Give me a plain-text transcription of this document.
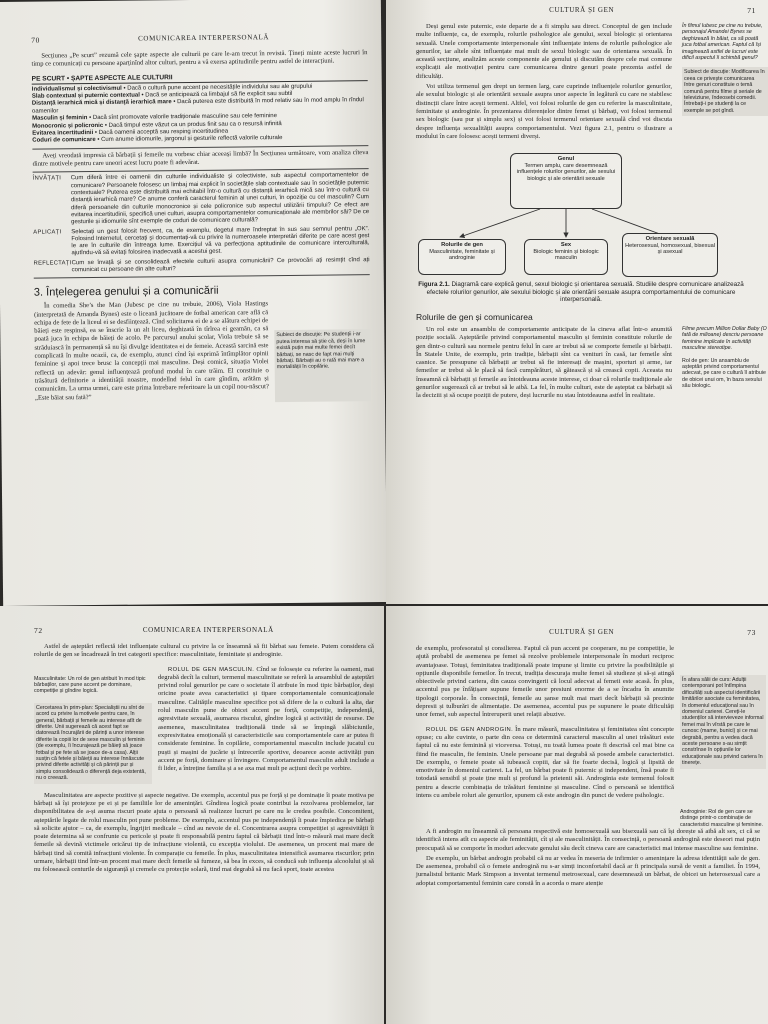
70	COMUNICAREA INTERPERSONALĂ

Secțiunea „Pe scurt” rezumă cele șapte aspecte ale culturii pe care le-am trecut în revistă. Țineți minte aceste lucruri în timp ce comunicați cu persoane aparținînd altor culturi, pentru a vă exersa aptitudinile pentru astfel de interacțiuni.

PE SCURT • ȘAPTE ASPECTE ALE CULTURII
Individualismul și colectivismul • Dacă o cultură pune accent pe necesitățile individului sau ale grupului
Slab contextual și puternic contextual • Dacă se anticipează ca limbajul să fie explicit sau subtil
Distanță ierarhică mică și distanță ierarhică mare • Dacă puterea este distribuită în mod relativ sau în mod amplu în rîndul oamenilor
Masculin și feminin • Dacă sînt promovate valorile tradiționale masculine sau cele feminine
Monocronic și policronic • Dacă timpul este văzut ca un produs finit sau ca o resursă infinită
Evitarea incertitudinii • Dacă oamenii acceptă sau resping incertitudinea
Coduri de comunicare • Cum anume idiomurile, jargonul și gesturile reflectă valorile culturale

Aveți vreodată impresia că bărbații și femeile nu vorbesc chiar aceeași limbă? În Secțiunea următoare, vom analiza cîteva dintre motivele pentru care uneori acest lucru poate fi adevărat.

ÎNVĂȚAȚI	Cum diferă între ei oamenii din culturile individualiste și colectiviste, sub aspectul comportamentelor de comunicare? Persoanele folosesc un limbaj mai explicit în societățile slab contextuale sau în societățile puternic contextuale? Puterea este distribuită mai echitabil într-o cultură cu distanță ierarhică mică sau într-o cultură cu distanță ierarhică mare? Ce anume conferă caracterul feminin al unei culturi, în opoziție cu cel masculin? Cum diferă persoanele din culturile monocronice și cele policronice sub aspectul utilizării timpului? Ce efect are evitarea incertitudinii, specifică unei culturi, asupra comportamentelor comunicaționale ale membrilor săi? De ce gesturile și idiomurile sînt exemple de coduri de comunicare culturală?
APLICAȚI	Selectați un gest folosit frecvent, ca, de exemplu, degetul mare îndreptat în sus sau semnul pentru „OK”. Folosind Internetul, cercetați și documentați-vă cu privire la numeroasele interpretări diferite pe care acest gest le are în culturile din întreaga lume. Exercițiul vă va perfecționa aptitudinile de comunicare interculturală, ajutîndu-vă să evitați folosirea inadecvată a acestui gest.
REFLECTAȚI Cum se învață și se consolidează efectele culturii asupra comunicării? Ce provocări ați resimțit cînd ați comunicat cu persoane din alte culturi?
3. Înțelegerea genului și a comunicării

În comedia She’s the Man (Jubesc pe cine nu trebuie, 2006), Viola Hastings (interpretată de Amanda Bynes) este o liceană jucătoare de fotbal american care află că echipa de fete de la liceul ei se desființează. Cînd solicitarea ei de a se alătura echipei de băieți este respinsă, ea se înscrie la un alt liceu, deghizată în tîrlrea ei geamăn, ca să poată juca în echipa de băieți de acolo. Pe parcursul anului școlar, Viola trebuie să se străduiască în permanență să nu își divulge identitatea ei de femeie. Această sarcină este complicată în multe ocazii, ca, de exemplu, atunci cînd își exprimă întîmplător opinii feminine și apoi trece brusc la concepții mai masculine. Deși comică, situația Violei reflectă un adevăr: genul influențează profund modul în care trăim. El constituie o trăsătură definitorie a identității noastre, modelînd felul în care gîndim, arătăm și comunicăm. La urma urmei, care este prima întrebare referitoare la un copil nou-născut? „Este băiat sau fată?”

Subiect de discuție: Pe studenții i-ar putea interesa să știe că, deși în lume există puțin mai multe femei decît bărbați, se nasc de fapt mai mulți bărbați. Bărbații au o rată mai mare a mortalității în copilărie.
CULTURĂ ȘI GEN	71

Deși genul este puternic, este departe de a fi simplu sau direct. Conceptul de gen include multe influențe, ca, de exemplu, rolurile psihologice ale genului, sexul biologic și orientarea sexuală. Unele comportamente interpersonale sînt influențate intens de rolurile psihologice ale genurilor, iar altele sînt influențate mai mult de sexul biologic sau de orientarea sexuală. În această secțiune, analizăm aceste componente ale genului și discutăm despre cele mai comune explicații ale motivației pentru care comunicarea dintre genuri poate prezenta astfel de dificultăți.

Voi utiliza termenul gen drept un termen larg, care cuprinde influențele rolurilor genurilor, ale sexului biologic și ale orientării sexuale asupra unor aspecte în legătură cu care ne stabilesc distincții clare între acești termeni. Altfel, voi folosi rolurile de gen cu referire la masculinitate, feminitate și androginie. În prezentarea diferențelor dintre femei și bărbați, voi folosi termenul sex biologic (sau pur și simplu sex) și voi folosi termenul orientare sexuală cînd voi discuta despre influența sexualității asupra comportamentului. Vezi figura 2.1, pentru o ilustrare a modului în care folosesc acești termeni diverși.

În filmul Iubesc pe cine nu trebuie, personajul Amandei Bynes se deghizează în băiat, ca să poată juca fotbal american. Faptul că își imaginează astfel de lucruri este dificil aspectul îi schimbă genul?
Subiect de discuție: Modificarea în ceea ce privește comunicarea între genuri constituie o temă comună pentru filme și seriale de televiziune, îndeosebi comedii. Întrebați-i pe studenți la ce exemple se pot gîndi.
Genul
Termen amplu, care desemnează influențele rolurilor genurilor, ale sexului biologic și ale orientării sexuale
Rolurile de gen
Masculinitate, feminitate și androginie
Sex
Biologic feminin și biologic masculin
Orientare sexuală
Heterosexual, homosexual, bisexual și asexual
Figura 2.1. Diagramă care explică genul, sexul biologic și orientarea sexuală. Studiile despre comunicare analizează efectele rolurilor genurilor, ale sexului biologic și ale orientării sexuale asupra comportamentului de comunicare interpersonală.
Rolurile de gen și comunicarea

Un rol este un ansamblu de comportamente anticipate de la cineva aflat într-o anumită poziție socială. Așteptările privind comportamentul masculin și feminin constituie rolurile de gen dintr-o cultură sau normele pentru felul în care ar trebui să se comporte femeile și bărbații. În Statele Unite, de exemplu, prin tradiție, bărbații sînt ca venituri în casă, iar femeile sînt casnice. Se presupune că bărbații ar trebui să fie interesați de mașini, sporturi și arme, iar femeilor ar trebui să le placă să facă cumpărături, să gătească și să crească copii. Aceasta nu înseamnă că bărbații și femeile au întotdeauna aceste interese, ci doar că rolurile tradiționale ale genurilor sugerează că ar trebui să le aibă. La fel, în multe culturi, este de așteptat ca bărbații să la deciziii și să ocupe poziții de putere, deși lucrurile nu stau întotdeauna astfel în realitate.

Filme precum Million Dollar Baby (O fată de milioane) descriu persoane feminine implicate în activități masculine stereotipe.
Rol de gen: Un ansamblu de așteptări privind comportamentul adecvat, pe care o cultură îl atribuie de obicei unui om, în baza sexului său biologic.
72	COMUNICAREA INTERPERSONALĂ

Astfel de așteptări reflectă idei influențate cultural cu privire la ce înseamnă să fii bărbat sau femeie. Putem considera că rolurile de gen se încadrează în trei categorii specifice: masculinitate, feminitate și androginie.

Masculinitate: Un rol de gen atribuit în mod tipic bărbaților, care pune accent pe dominare, competiție și gîndire logică.
Cercetarea în prim-plan: Specialiștii nu sînt de acord cu privire la motivele pentru care, în general, bărbații și femeile au interese atît de diferite. Unii sugerează că acest fapt se datorează încurajării de părinți a unor interese diferite la copiii lor de sexe masculin și feminin (de exemplu, îi încurajează pe băieți să joace fotbal și pe fete să se joace de-a casa). Alții susțin că fetele și băieții au interese înnăscute privind diferite activități și că părinții pur și simplu consolidează o diferență deja existentă, nu o creează.

ROLUL DE GEN MASCULIN. Cînd se folosește cu referire la oameni, mai degrabă decît la culturi, termenul masculinitate se referă la ansamblul de așteptări privind rolul genurilor pe care o societate îl atribuie în mod tipic bărbaților, deși oricine poate avea caracteristici și tipare comportamentale comunicaționale masculine. Calitățile masculine specifice pot să difere de la o cultură la alta, dar rolul masculin pune de obicei accent pe forță, competiție, independență, agresivitate sexuală, asumarea riscului, gîndire logică și activități de resurse. De asemenea, masculinitatea tradițională tinde să se împingă slăbiciunile, expresivitatea emoțională și caracteristicile sau comportamentele care ar putea fi considerate feminine. În copilărie, comportamentul masculin include jucatul cu puști și mașini de jucărie și întrecerile sportive, deoarece aceste activități pun accent pe forță, dominare și învingere. Comportamentul masculin adult include a fi lider, a întreține familia și a se axa mai mult pe acțiuni decît pe vorbire.

Masculinitatea are aspecte pozitive și aspecte negative. De exemplu, accentul pus pe forță și pe dominație îi poate motiva pe bărbați să își protejeze pe ei și pe familiile lor de amenințări. Gîndirea logică poate contribui la rezolvarea problemelor, iar disponibilitatea de a-și asuma riscuri poate ajuta o persoană să realizeze lucruri pe care nu le credea posibile. Concomitent, așteptările legate de rolul masculin pot pune probleme. De exemplu, accentul pus pe independență îi poate împiedica pe bărbați să solicite ajutor – ca, de exemplu, îngrijiri medicale – cînd au nevoie de el. Concentrarea asupra competiției și agresivității îi poate determina să se confrunte cu pericole și poate fi responsabilă pentru faptul că bărbații tind într-o măsură mai mare decît femeile să devină victimele oricărui tip de infracțiune violentă, cu excepția violului. De asemenea, un procent mai mare de bărbați tind să comită infracțiuni violente. În comparație cu femeile. În plus, masculinitatea intensifică asumarea riscurilor; prin urmare, bărbații tind într-un procent mai mare decît femeile să fumeze, să bea în exces, să conducă sub influența alcoolului și să nu folosească centurile de siguranță și cremele cu protecție solară, tind mai degrabă să nu facă sport, toate acestea

CULTURĂ ȘI GEN	73

de exemplu, profesoratul și consilierea. Faptul că pun accent pe cooperare, nu pe competiție, le ajută probabil de asemenea pe femei să rezolve problemele interpersonale în moduri reciproc avantajoase. Totuși, feminitatea tradițională poate impune și limite cu privire la posibilitățile și opțiunile disponibile femeilor. În trecut, tradiția descuraja multe femei să studieze și să-și atingă obiectivele privind cariera, din cauza convingerii că locul adecvat al femeii este acasă. În plus, accentul pus pe înfățișare supune femeile unor presiuni enorme de a se încadra în anumite tipologii corporale. În consecință, femeile au șanse mult mai mari decît bărbații să prezinte depresii și tulburări de alimentație. De asemenea, accentul pus pe supunere le poate dificultăți unor femei, sub aspectul întreruperii unei relații abuzive.

ROLUL DE GEN ANDROGIN. În mare măsură, masculinitatea și feminitatea sînt concepte opuse; cu alte cuvinte, o parte din ceea ce determină caracterul masculin al unei trăsături este faptul că nu este feminină și viceversa. Totuși, nu toată lumea poate fi descrisă cel mai bine ca fiind fie masculin, fie feminin. Unele persoane par mai degrabă să posede ambele caracteristici. De exemplu, o femeie poate să iubească copiii, dar să fie foarte decisă, logică și lipsită de emotivitate în domeniul carierei. La fel, un bărbat poate fi puternic și independent, însă poate fi totodată sensibil și poate ține mult și profund la prietenii săi. Androginia este termenul folosit pentru a descrie combinația de trăsături feminine și masculine. Cînd o persoană se identifică intens cu ambele roluri ale genurilor, spunem că este androgin din punct de vedere psihologic.

În afara sălii de curs: Adulții contemporani pot întîmpina dificultăți sub aspectul identificării limitărilor asociate cu feminitatea, în domeniul educațional sau în domeniul carierei. Cereți-le studenților să intervieveze informal femei mai în vîrstă pe care le cunosc (mame, bunici) și ce mai degrabă, pentru a vedea dacă aceste persoane s-au simțit constrînse în opțiunile lor educaționale sau privind cariera în tinerețe.
Androginie: Rol de gen care se distinge printr-o combinație de caracteristici masculine și feminine.

A fi androgin nu înseamnă că persoana respectivă este homosexuală sau bisexuală sau că își dorește să aibă alt sex, ci că se identifică intens atît cu aspecte ale feminității, cît și ale masculinității. În consecință, o persoană androgină este deseori mai puțin preocupată să se comporte în moduri adecvate genului său decît cineva care are caracteristici mai intense masculine sau feminine.

De exemplu, un bărbat androgin probabil că nu ar vedea în meseria de infirmier o amenințare la adresa identității sale de gen. De asemenea, probabil că o femeie androgină nu s-ar simți inconfortabil dacă ar fi principala sursă de venit a familiei. În 1994, jurnalistul britanic Mark Simpson a inventat termenul metrosexual, care desemnează un bărbat, de obicei un heterosexual care a adoptat comportamentul feminin care constă în a acorda o mare atenție
